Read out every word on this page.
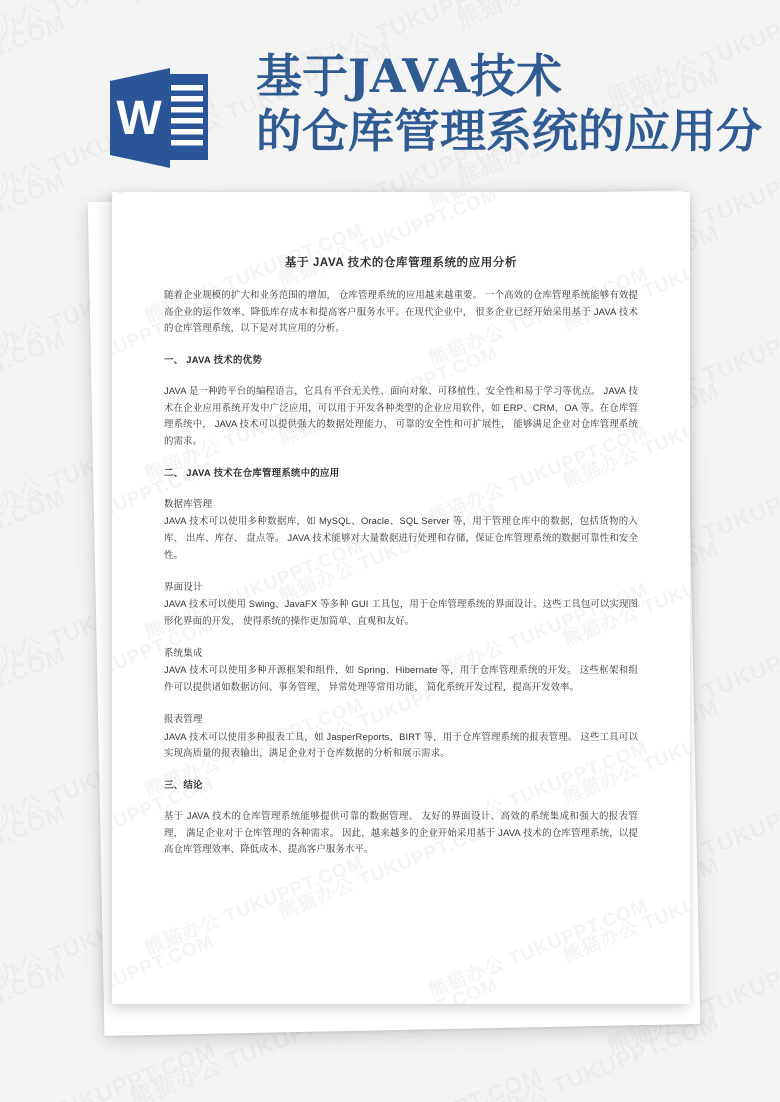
基于 JAVA 技术的仓库管理系统的应用分析

随着企业规模的扩大和业务范围的增加， 仓库管理系统的应用越来越重要。 一个高效的仓库管理系统能够有效提高企业的运作效率、降低库存成本和提高客户服务水平。在现代企业中， 很多企业已经开始采用基于 JAVA 技术的仓库管理系统，以下是对其应用的分析。

一、 JAVA 技术的优势

JAVA 是一种跨平台的编程语言，它具有平台无关性、面向对象、可移植性、安全性和易于学习等优点。 JAVA 技术在企业应用系统开发中广泛应用，可以用于开发各种类型的企业应用软件，如 ERP、CRM、OA 等。在仓库管理系统中， JAVA 技术可以提供强大的数据处理能力、 可靠的安全性和可扩展性， 能够满足企业对仓库管理系统的需求。

二、 JAVA 技术在仓库管理系统中的应用

数据库管理

JAVA 技术可以使用多种数据库，如 MySQL、Oracle、SQL Server 等，用于管理仓库中的数据，包括货物的入库、 出库、库存、 盘点等。 JAVA 技术能够对大量数据进行处理和存储，保证仓库管理系统的数据可靠性和安全性。

界面设计

JAVA 技术可以使用 Swing、JavaFX 等多种 GUI 工具包，用于仓库管理系统的界面设计。这些工具包可以实现图形化界面的开发， 使得系统的操作更加简单、直观和友好。

系统集成

JAVA 技术可以使用多种开源框架和组件，如 Spring、Hibernate 等，用于仓库管理系统的开发。 这些框架和组件可以提供诸如数据访问、事务管理、 异常处理等常用功能， 简化系统开发过程，提高开发效率。

报表管理

JAVA 技术可以使用多种报表工具，如 JasperReports、BIRT 等，用于仓库管理系统的报表管理。 这些工具可以实现高质量的报表输出，满足企业对于仓库数据的分析和展示需求。

三、结论

基于 JAVA 技术的仓库管理系统能够提供可靠的数据管理、 友好的界面设计、高效的系统集成和强大的报表管理， 满足企业对于仓库管理的各种需求。 因此，越来越多的企业开始采用基于 JAVA 技术的仓库管理系统，以提高仓库管理效率、降低成本、提高客户服务水平。

W
基于JAVA技术
的仓库管理系统的应用分
